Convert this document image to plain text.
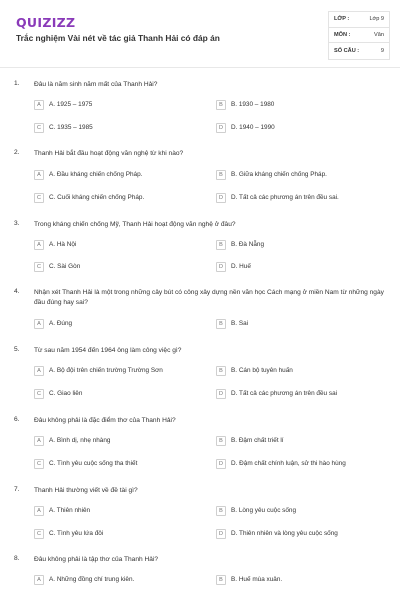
QUIZIZZ
Trắc nghiệm Vài nét về tác giả Thanh Hải có đáp án
LỚP :	Lớp 9
MÔN :	Văn
SỐ CÂU :	9
1. Đâu là năm sinh năm mất của Thanh Hải?
A	A. 1925 – 1975	B	B. 1930 – 1980
C	C. 1935 – 1985	D	D. 1940 – 1990
2. Thanh Hải bắt đầu hoạt động văn nghệ từ khi nào?
A	A. Đầu kháng chiến chống Pháp.	B	B. Giữa kháng chiến chống Pháp.
C	C. Cuối kháng chiến chống Pháp.	D	D. Tất cả các phương án trên đều sai.
3. Trong kháng chiến chống Mỹ, Thanh Hải hoạt động văn nghệ ở đâu?
A	A. Hà Nội	B	B. Đà Nẵng
C	C. Sài Gòn	D	D. Huế
4. Nhận xét Thanh Hải là một trong những cây bút có công xây dựng nền văn học Cách mạng ở miền Nam từ những ngày đầu đúng hay sai?
A	A. Đúng	B	B. Sai
5. Từ sau năm 1954 đến 1964 ông làm công việc gì?
A	A. Bộ đội trên chiến trường Trường Sơn	B	B. Cán bộ tuyên huấn
C	C. Giao liên	D	D. Tất cả các phương án trên đều sai
6. Đâu không phải là đặc điểm thơ của Thanh Hải?
A	A. Bình dị, nhẹ nhàng	B	B. Đậm chất triết lí
C	C. Tình yêu cuộc sống tha thiết	D	D. Đậm chất chính luận, sử thi hào hùng
7. Thanh Hải thường viết về đề tài gì?
A	A. Thiên nhiên	B	B. Lòng yêu cuộc sống
C	C. Tình yêu lứa đôi	D	D. Thiên nhiên và lòng yêu cuộc sống
8. Đâu không phải là tập thơ của Thanh Hải?
A	A. Những đồng chí trung kiên.	B	B. Huế mùa xuân.
